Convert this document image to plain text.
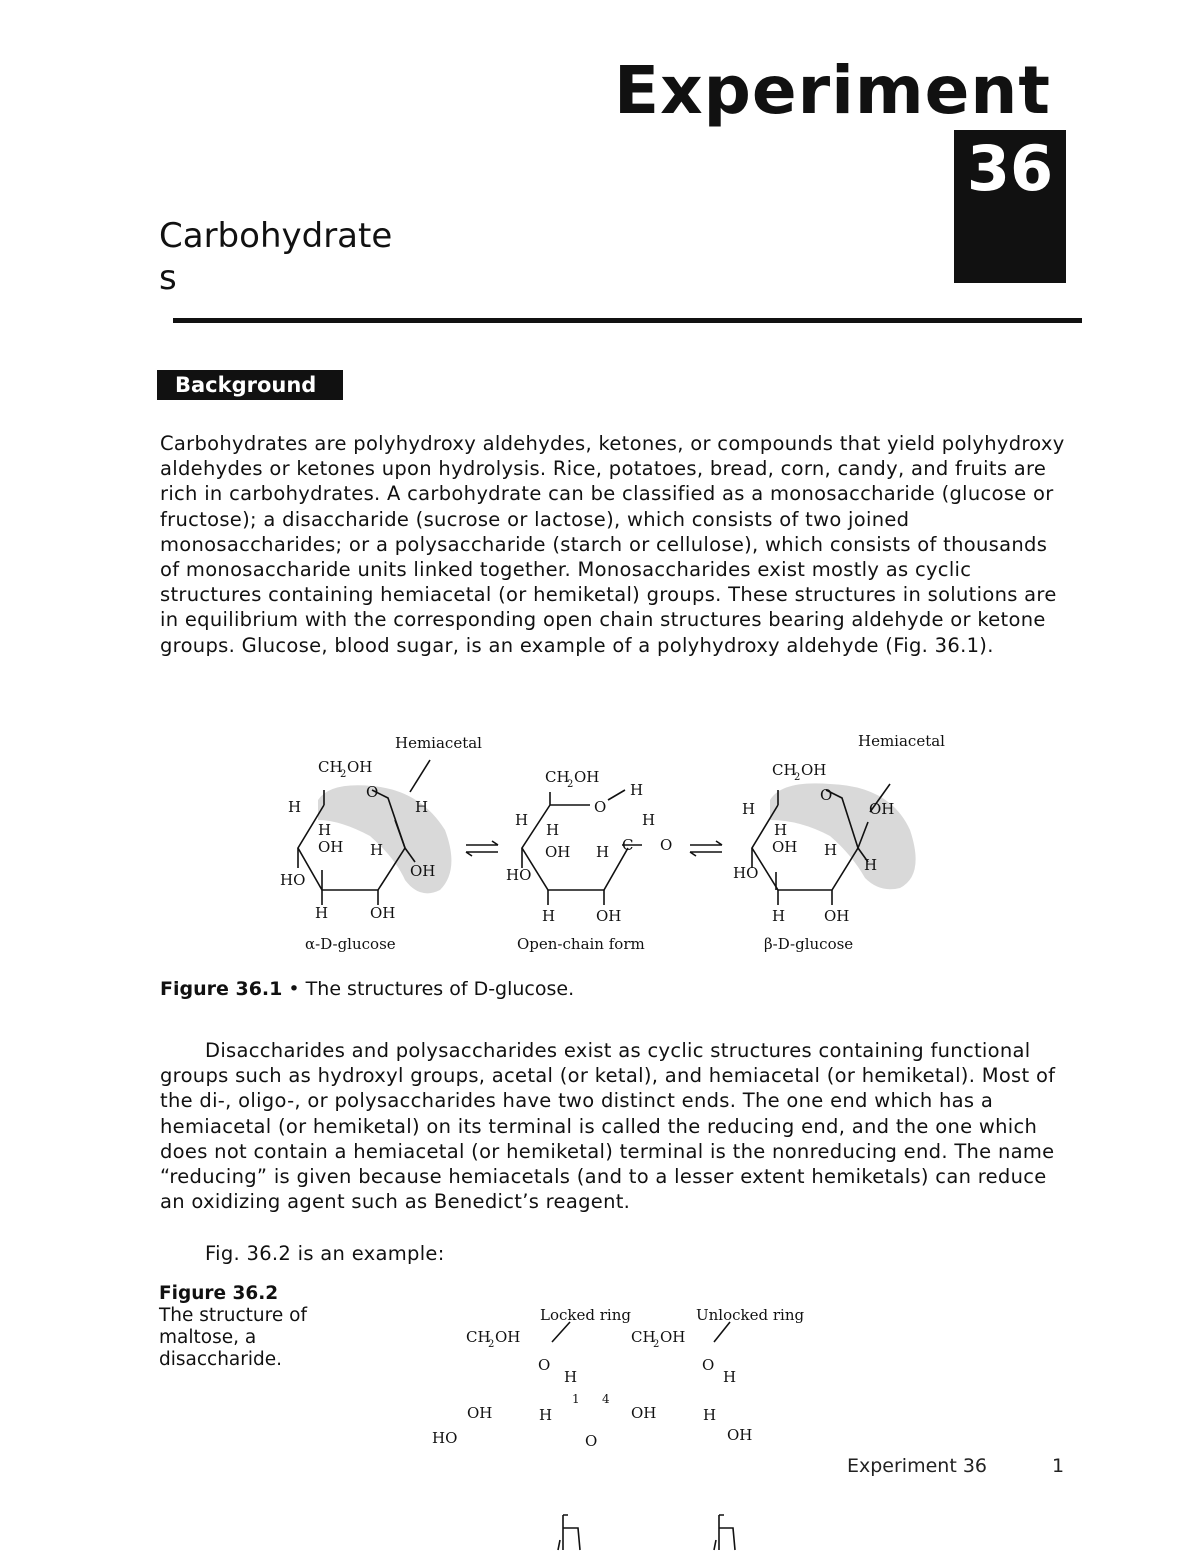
Experiment
36
Carbohydrates
Background

Carbohydrates are polyhydroxy aldehydes, ketones, or compounds that yield polyhydroxy aldehydes or ketones upon hydrolysis. Rice, potatoes, bread, corn, candy, and fruits are rich in carbohydrates. A carbohydrate can be classified as a monosaccharide (glucose or fructose); a disaccharide (sucrose or lactose), which consists of two joined monosaccharides; or a polysaccharide (starch or cellulose), which consists of thousands of monosaccharide units linked together. Monosaccharides exist mostly as cyclic structures containing hemiacetal (or hemiketal) groups. These structures in solutions are in equilibrium with the corresponding open chain structures bearing aldehyde or ketone groups. Glucose, blood sugar, is an example of a polyhydroxy aldehyde (Fig. 36.1).

Hemiacetal
CH
2 OH
O
H	H
H
OH H
OH
HO
H	OH
α-D-glucose
CH
2 OH
O
H
H
H
OH
H
H C O
HO
H	OH
Open-chain form
Hemiacetal
CH
2 OH
O
H	OH
H
OH H
H
HO
H	OH
β-D-glucose
Locked ring	Unlocked ring
CH
2 OH	CH
2 OH
O
H
O
H
1 4
OH	H	OH	H
HO	O	OH

Figure 36.1 • The structures of D-glucose.

Disaccharides and polysaccharides exist as cyclic structures containing functional groups such as hydroxyl groups, acetal (or ketal), and hemiacetal (or hemiketal). Most of the di-, oligo-, or polysaccharides have two distinct ends. The one end which has a hemiacetal (or hemiketal) on its terminal is called the reducing end, and the one which does not contain a hemiacetal (or hemiketal) terminal is the nonreducing end. The name “reducing” is given because hemiacetals (and to a lesser extent hemiketals) can reduce an oxidizing agent such as Benedict’s reagent.

Fig. 36.2 is an example:

Figure 36.2
The structure of maltose, a disaccharide.

Experiment 36	1
